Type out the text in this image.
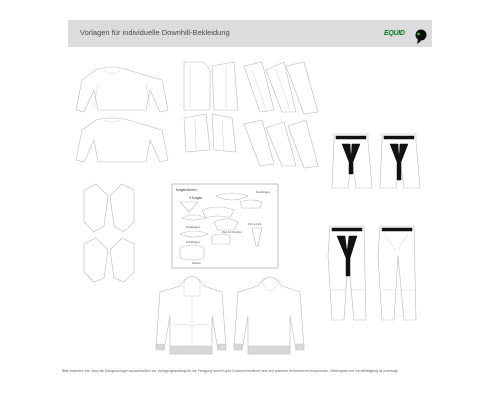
Vorlagen für individuelle Downhill-Bekleidung	EQUID
·
·
Kragen/Armen
V-Kragen
Rundkragen
Polo mit Zip
Rundkragen
Polo mit Knöpfen
Rundkragen
Kapuze
Bitte beachten Sie, dass die Designvorlagen ausschließlich zur Vorlagengestaltung für die Fertigung durch Equid Customs bestimmt sind und unserem Urheberrecht entsprechen. Weitergabe und Vervielfältigung ist untersagt.
